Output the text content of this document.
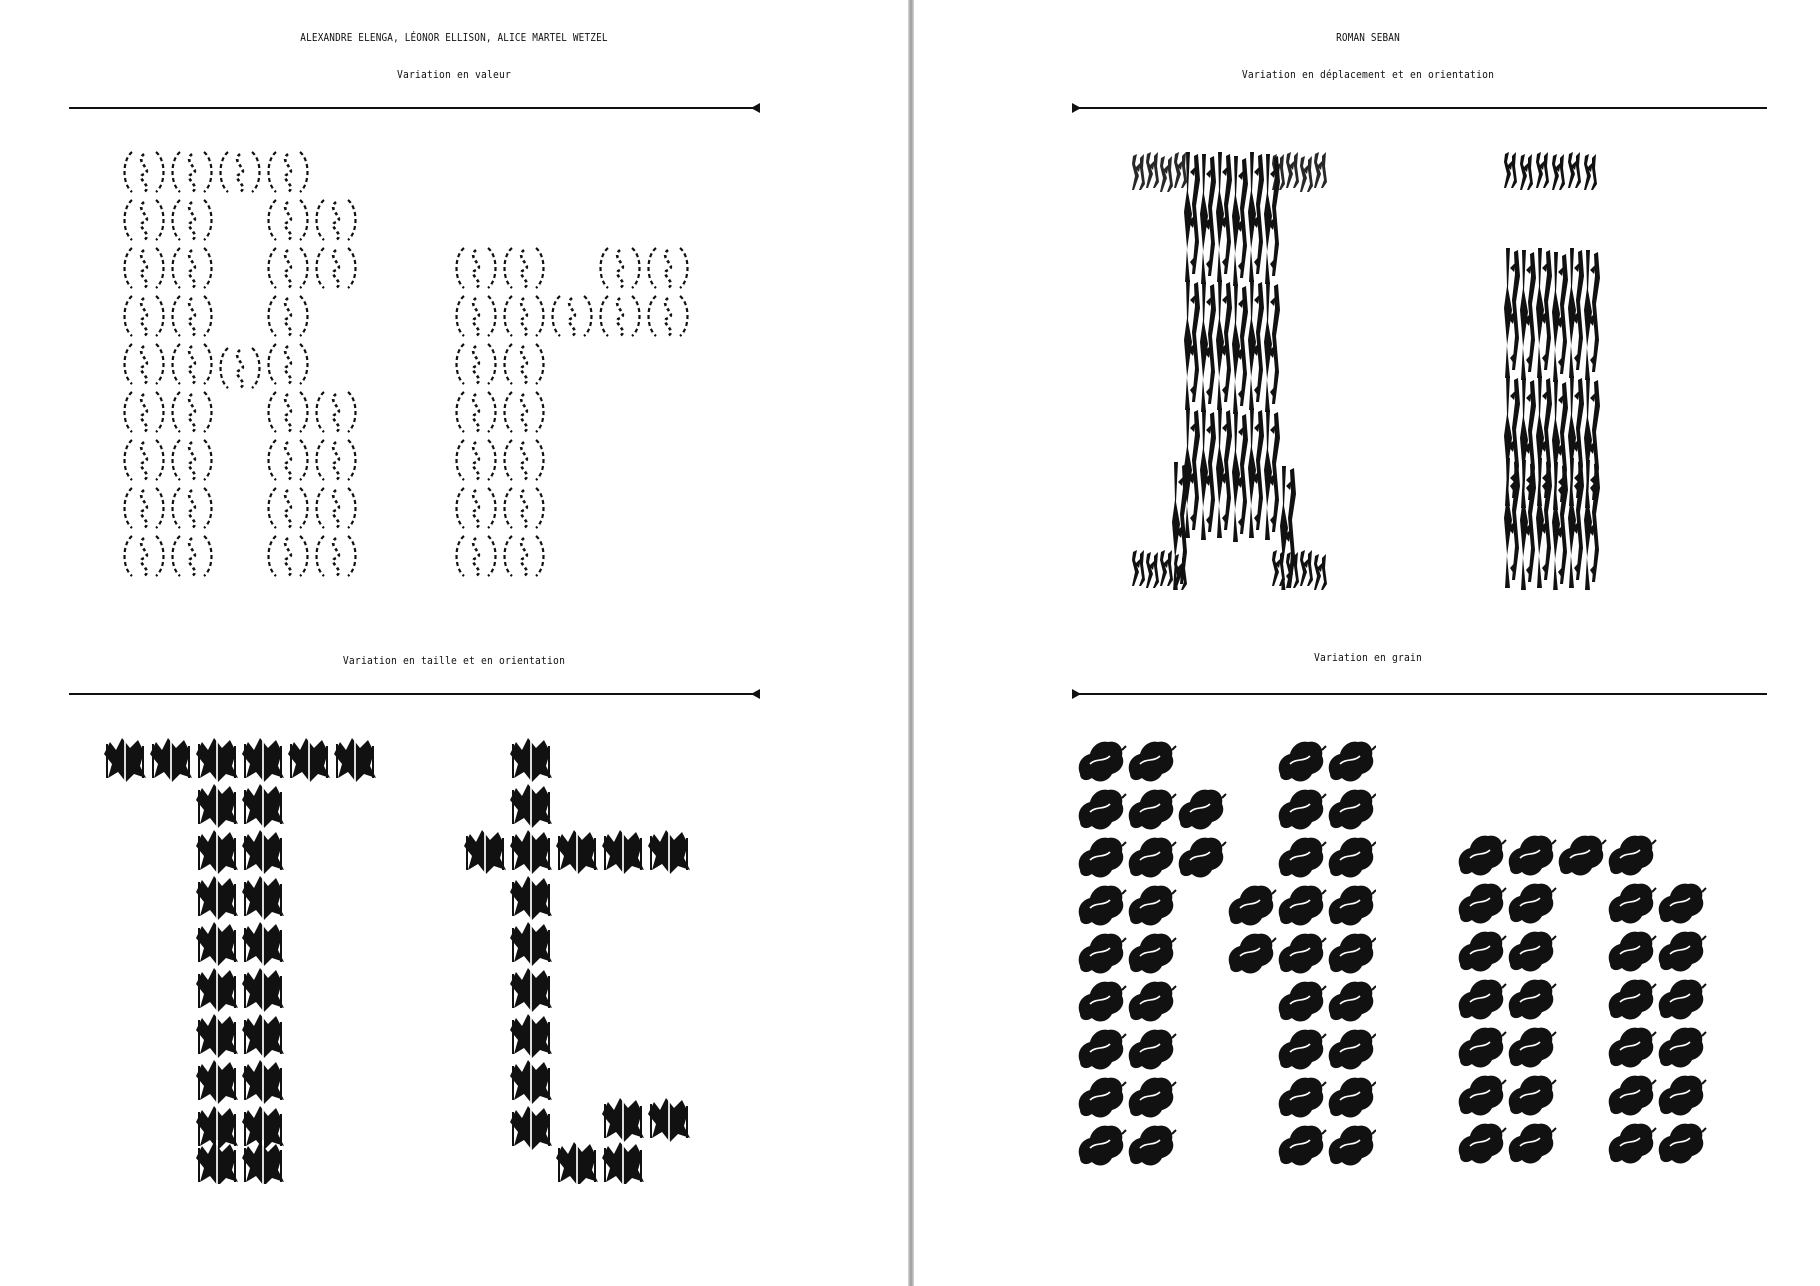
ALEXANDRE ELENGA, LÉONOR ELLISON, ALICE MARTEL WETZEL
Variation en valeur
Variation en taille et en orientation
ROMAN SEBAN
Variation en déplacement et en orientation
Variation en grain
